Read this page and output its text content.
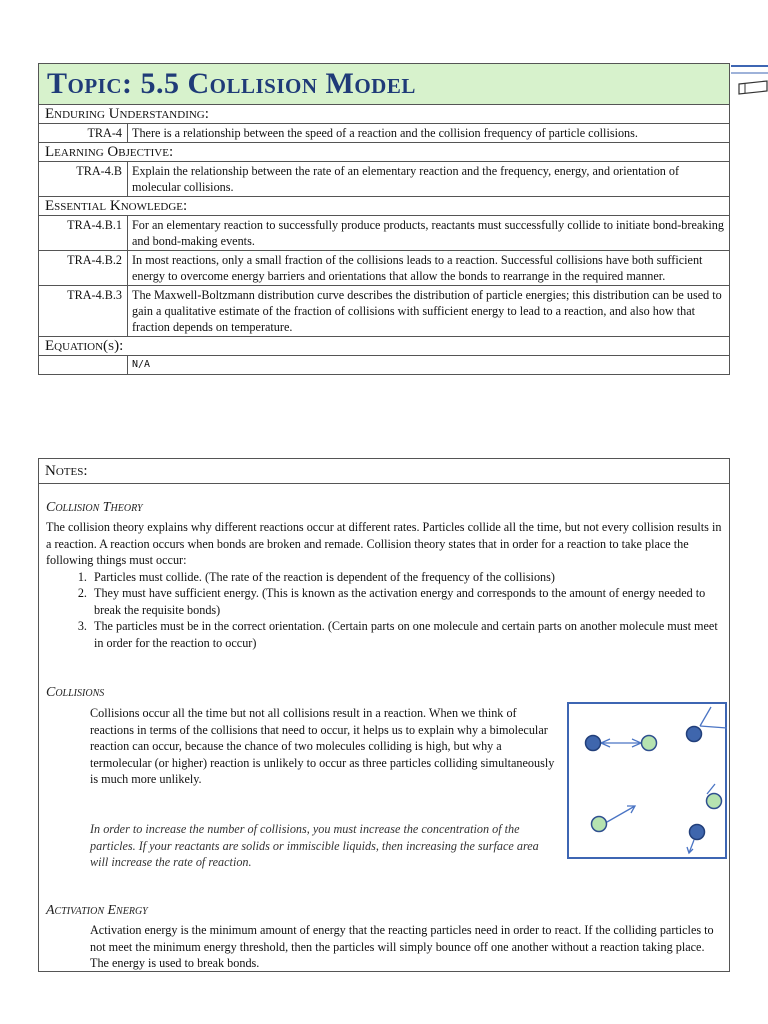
Topic: 5.5 Collision Model	
Enduring Understanding:	
TRA-4	There is a relationship between the speed of a reaction and the collision frequency of particle collisions.
Learning Objective:	
TRA-4.B	Explain the relationship between the rate of an elementary reaction and the frequency, energy, and orientation of molecular collisions.
Essential Knowledge:	
TRA-4.B.1	For an elementary reaction to successfully produce products, reactants must successfully collide to initiate bond-breaking and bond-making events.
TRA-4.B.2	In most reactions, only a small fraction of the collisions leads to a reaction. Successful collisions have both sufficient energy to overcome energy barriers and orientations that allow the bonds to rearrange in the required manner.
TRA-4.B.3	The Maxwell-Boltzmann distribution curve describes the distribution of particle energies; this distribution can be used to gain a qualitative estimate of the fraction of collisions with sufficient energy to lead to a reaction, and also how that fraction depends on temperature.
Equation(s):	
	N/A
Notes:
Collision Theory
The collision theory explains why different reactions occur at different rates. Particles collide all the time, but not every collision results in a reaction. A reaction occurs when bonds are broken and remade. Collision theory states that in order for a reaction to take place the following things must occur:
1. Particles must collide. (The rate of the reaction is dependent of the frequency of the collisions)
2. They must have sufficient energy. (This is known as the activation energy and corresponds to the amount of energy needed to break the requisite bonds)
3. The particles must be in the correct orientation. (Certain parts on one molecule and certain parts on another molecule must meet in order for the reaction to occur)
Collisions
Collisions occur all the time but not all collisions result in a reaction. When we think of reactions in terms of the collisions that need to occur, it helps us to explain why a bimolecular reaction can occur, because the chance of two molecules colliding is high, but why a termolecular (or higher) reaction is unlikely to occur as three particles colliding simultaneously is much more unlikely.
In order to increase the number of collisions, you must increase the concentration of the particles. If your reactants are solids or immiscible liquids, then increasing the surface area will increase the rate of reaction.
Activation Energy
Activation energy is the minimum amount of energy that the reacting particles need in order to react. If the colliding particles to not meet the minimum energy threshold, then the particles will simply bounce off one another without a reaction taking place. The energy is used to break bonds.
